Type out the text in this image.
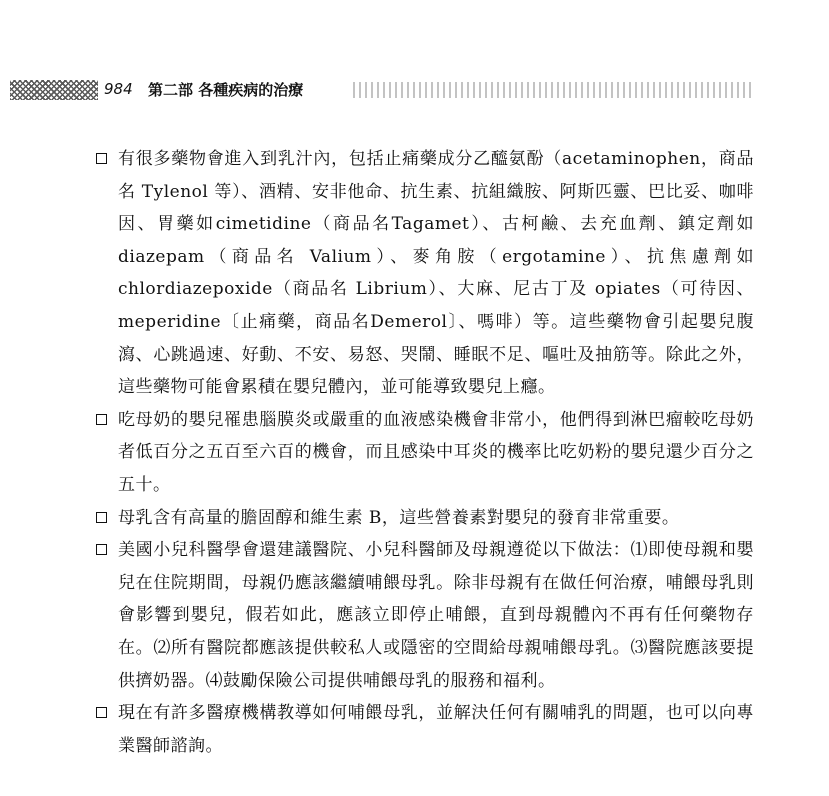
984 第二部 各種疾病的治療
有很多藥物會進入到乳汁內，包括止痛藥成分乙醯氨酚（acetaminophen，商品名 Tylenol 等）、酒精、安非他命、抗生素、抗組織胺、阿斯匹靈、巴比妥、咖啡因、胃藥如cimetidine（商品名Tagamet）、古柯鹼、去充血劑、鎮定劑如 diazepam（商品名 Valium）、麥角胺（ergotamine）、抗焦慮劑如 chlordiazepoxide（商品名 Librium）、大麻、尼古丁及 opiates（可待因、meperidine〔止痛藥，商品名Demerol〕、嗎啡）等。這些藥物會引起嬰兒腹瀉、心跳過速、好動、不安、易怒、哭鬧、睡眠不足、嘔吐及抽筋等。除此之外，這些藥物可能會累積在嬰兒體內，並可能導致嬰兒上癮。
吃母奶的嬰兒罹患腦膜炎或嚴重的血液感染機會非常小，他們得到淋巴瘤較吃母奶者低百分之五百至六百的機會，而且感染中耳炎的機率比吃奶粉的嬰兒還少百分之五十。
母乳含有高量的膽固醇和維生素 B，這些營養素對嬰兒的發育非常重要。
美國小兒科醫學會還建議醫院、小兒科醫師及母親遵從以下做法：⑴即使母親和嬰兒在住院期間，母親仍應該繼續哺餵母乳。除非母親有在做任何治療，哺餵母乳則會影響到嬰兒，假若如此，應該立即停止哺餵，直到母親體內不再有任何藥物存在。⑵所有醫院都應該提供較私人或隱密的空間給母親哺餵母乳。⑶醫院應該要提供擠奶器。⑷鼓勵保險公司提供哺餵母乳的服務和福利。
現在有許多醫療機構教導如何哺餵母乳，並解決任何有關哺乳的問題，也可以向專業醫師諮詢。
